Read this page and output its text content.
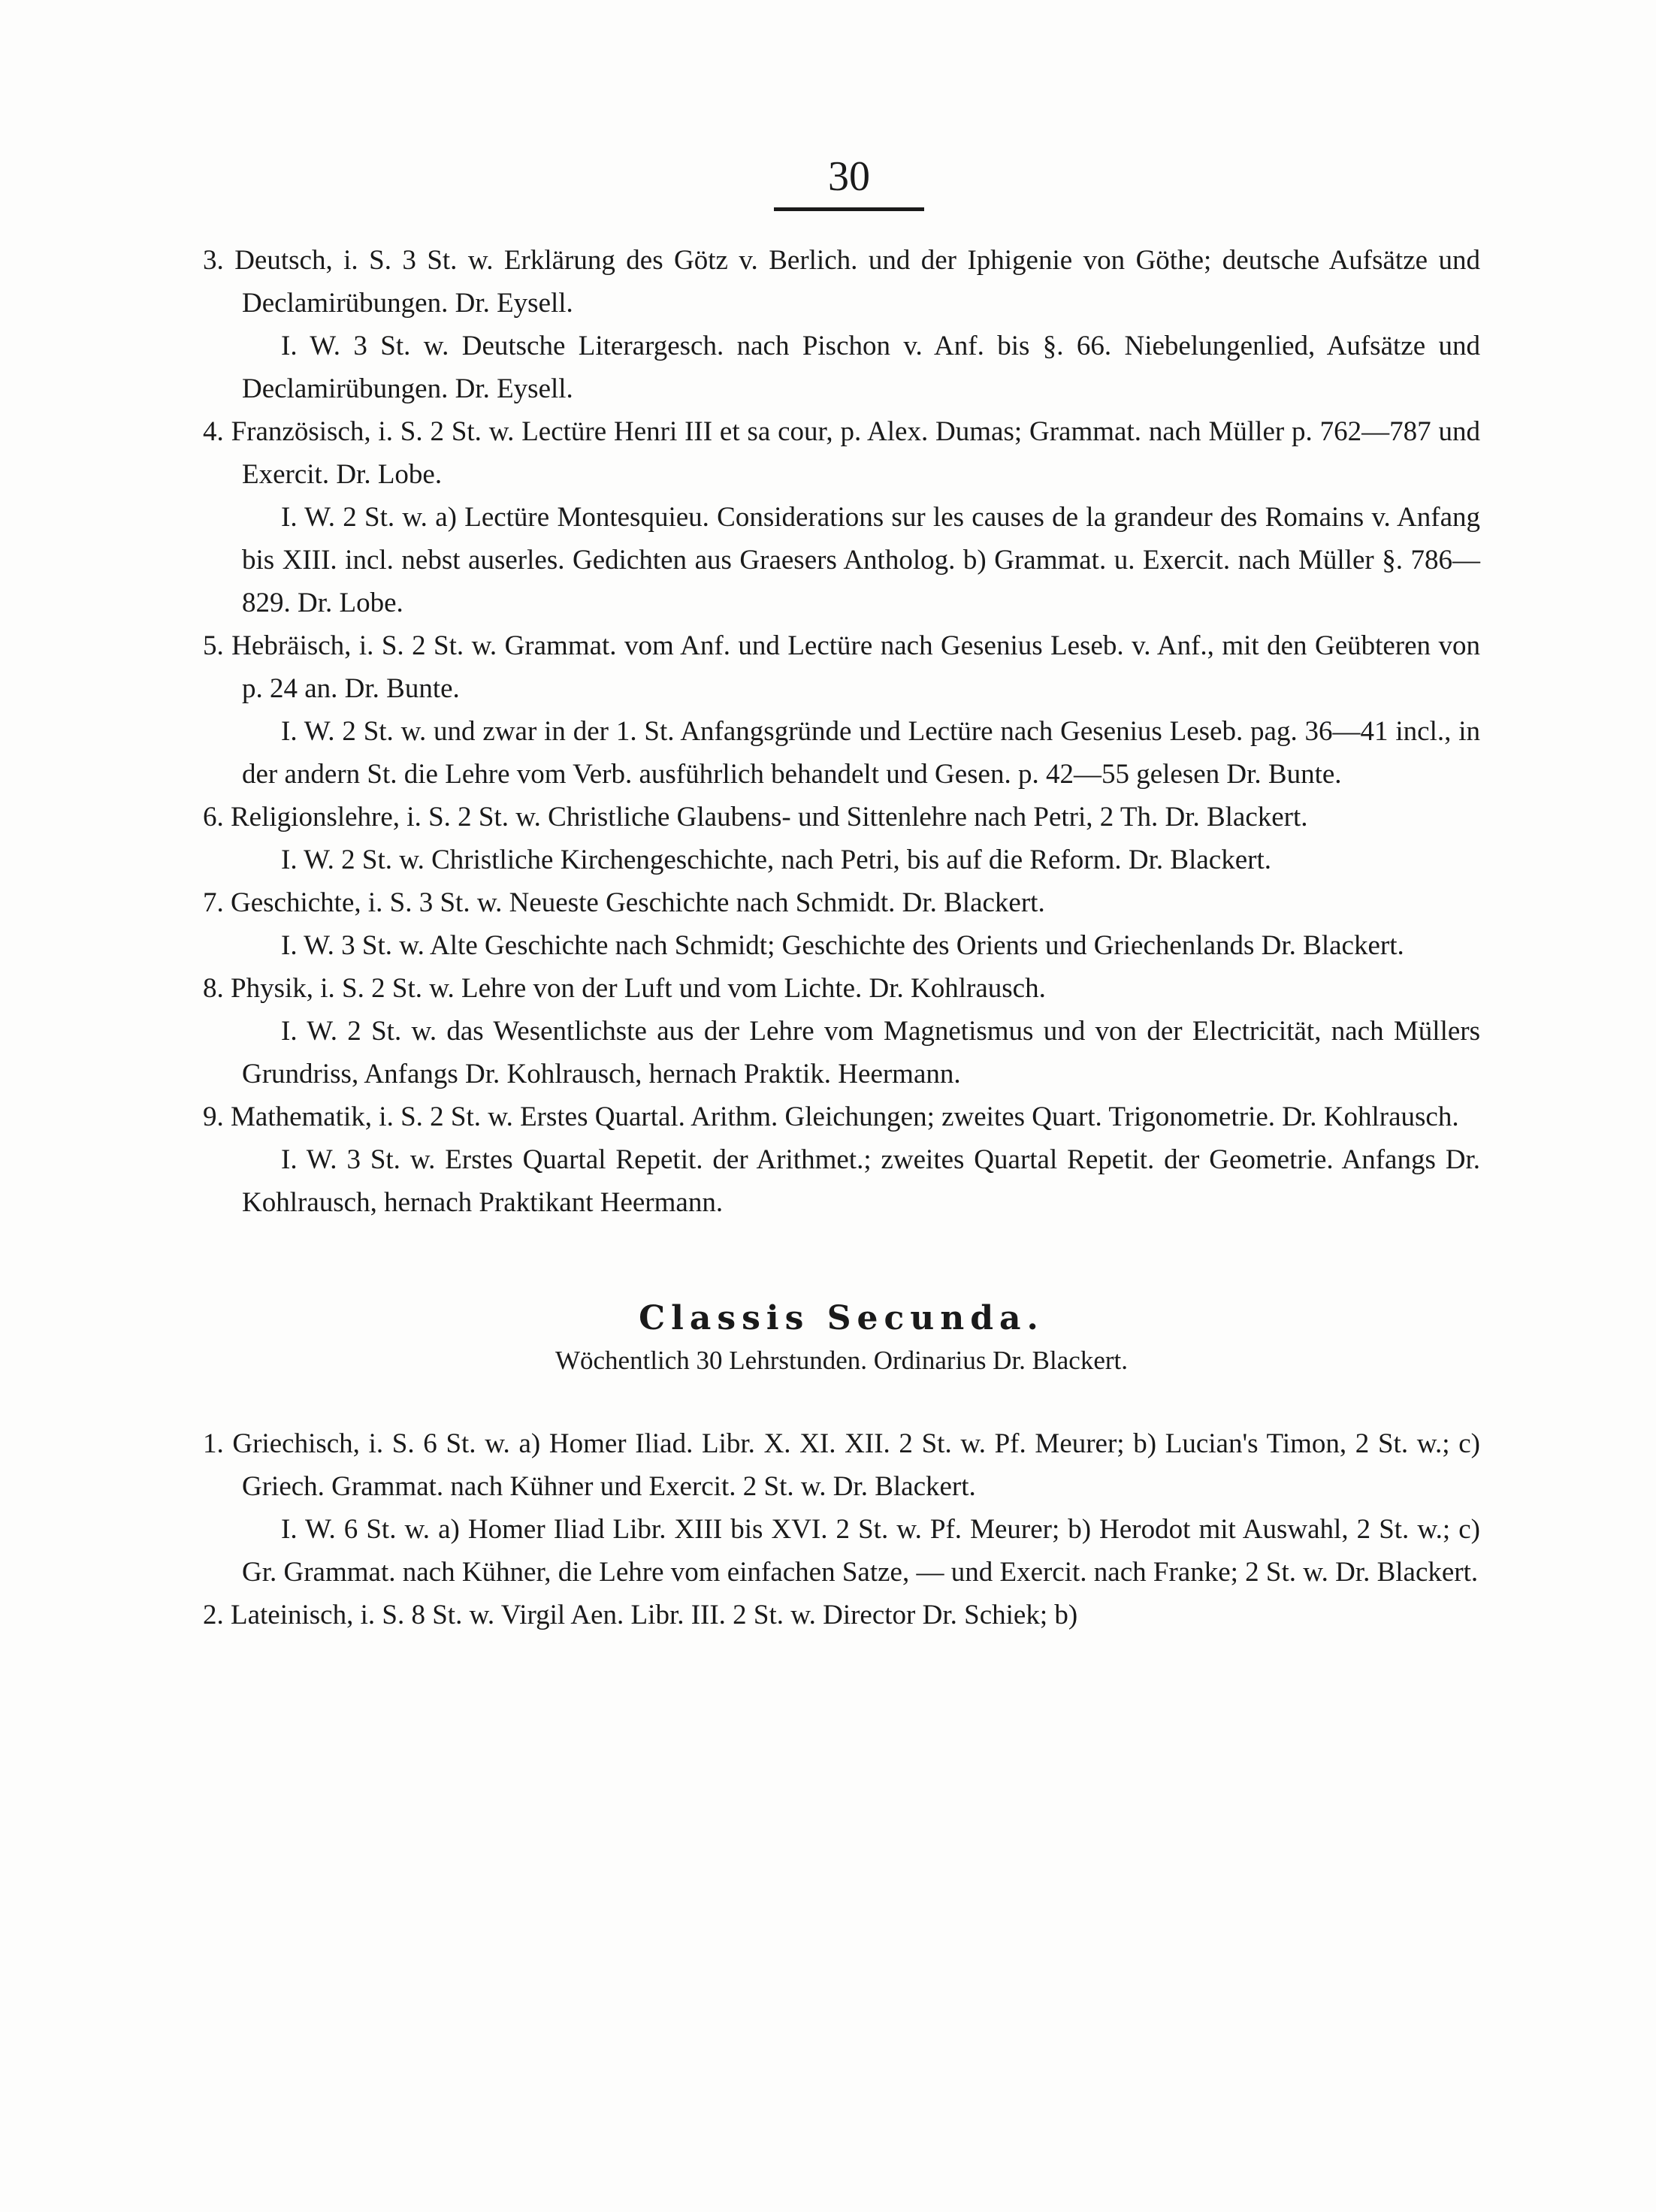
30

3. Deutsch, i. S. 3 St. w. Erklärung des Götz v. Berlich. und der Iphigenie von Göthe; deutsche Aufsätze und Declamirübungen. Dr. Eysell.

I. W. 3 St. w. Deutsche Literargesch. nach Pischon v. Anf. bis §. 66. Niebelungenlied, Aufsätze und Declamirübungen. Dr. Eysell.

4. Französisch, i. S. 2 St. w. Lectüre Henri III et sa cour, p. Alex. Dumas; Grammat. nach Müller p. 762—787 und Exercit. Dr. Lobe.

I. W. 2 St. w. a) Lectüre Montesquieu. Considerations sur les causes de la grandeur des Romains v. Anfang bis XIII. incl. nebst auserles. Gedichten aus Graesers Antholog. b) Grammat. u. Exercit. nach Müller §. 786—829. Dr. Lobe.

5. Hebräisch, i. S. 2 St. w. Grammat. vom Anf. und Lectüre nach Gesenius Leseb. v. Anf., mit den Geübteren von p. 24 an. Dr. Bunte.

I. W. 2 St. w. und zwar in der 1. St. Anfangsgründe und Lectüre nach Gesenius Leseb. pag. 36—41 incl., in der andern St. die Lehre vom Verb. ausführlich behandelt und Gesen. p. 42—55 gelesen Dr. Bunte.

6. Religionslehre, i. S. 2 St. w. Christliche Glaubens- und Sittenlehre nach Petri, 2 Th. Dr. Blackert.

I. W. 2 St. w. Christliche Kirchengeschichte, nach Petri, bis auf die Reform. Dr. Blackert.

7. Geschichte, i. S. 3 St. w. Neueste Geschichte nach Schmidt. Dr. Blackert.

I. W. 3 St. w. Alte Geschichte nach Schmidt; Geschichte des Orients und Griechenlands Dr. Blackert.

8. Physik, i. S. 2 St. w. Lehre von der Luft und vom Lichte. Dr. Kohlrausch.

I. W. 2 St. w. das Wesentlichste aus der Lehre vom Magnetismus und von der Electricität, nach Müllers Grundriss, Anfangs Dr. Kohlrausch, hernach Praktik. Heermann.

9. Mathematik, i. S. 2 St. w. Erstes Quartal. Arithm. Gleichungen; zweites Quart. Trigonometrie. Dr. Kohlrausch.

I. W. 3 St. w. Erstes Quartal Repetit. der Arithmet.; zweites Quartal Repetit. der Geometrie. Anfangs Dr. Kohlrausch, hernach Praktikant Heermann.

Classis Secunda.
Wöchentlich 30 Lehrstunden. Ordinarius Dr. Blackert.

1. Griechisch, i. S. 6 St. w. a) Homer Iliad. Libr. X. XI. XII. 2 St. w. Pf. Meurer; b) Lucian's Timon, 2 St. w.; c) Griech. Grammat. nach Kühner und Exercit. 2 St. w. Dr. Blackert.

I. W. 6 St. w. a) Homer Iliad Libr. XIII bis XVI. 2 St. w. Pf. Meurer; b) Herodot mit Auswahl, 2 St. w.; c) Gr. Grammat. nach Kühner, die Lehre vom einfachen Satze, — und Exercit. nach Franke; 2 St. w. Dr. Blackert.

2. Lateinisch, i. S. 8 St. w. Virgil Aen. Libr. III. 2 St. w. Director Dr. Schiek; b)
